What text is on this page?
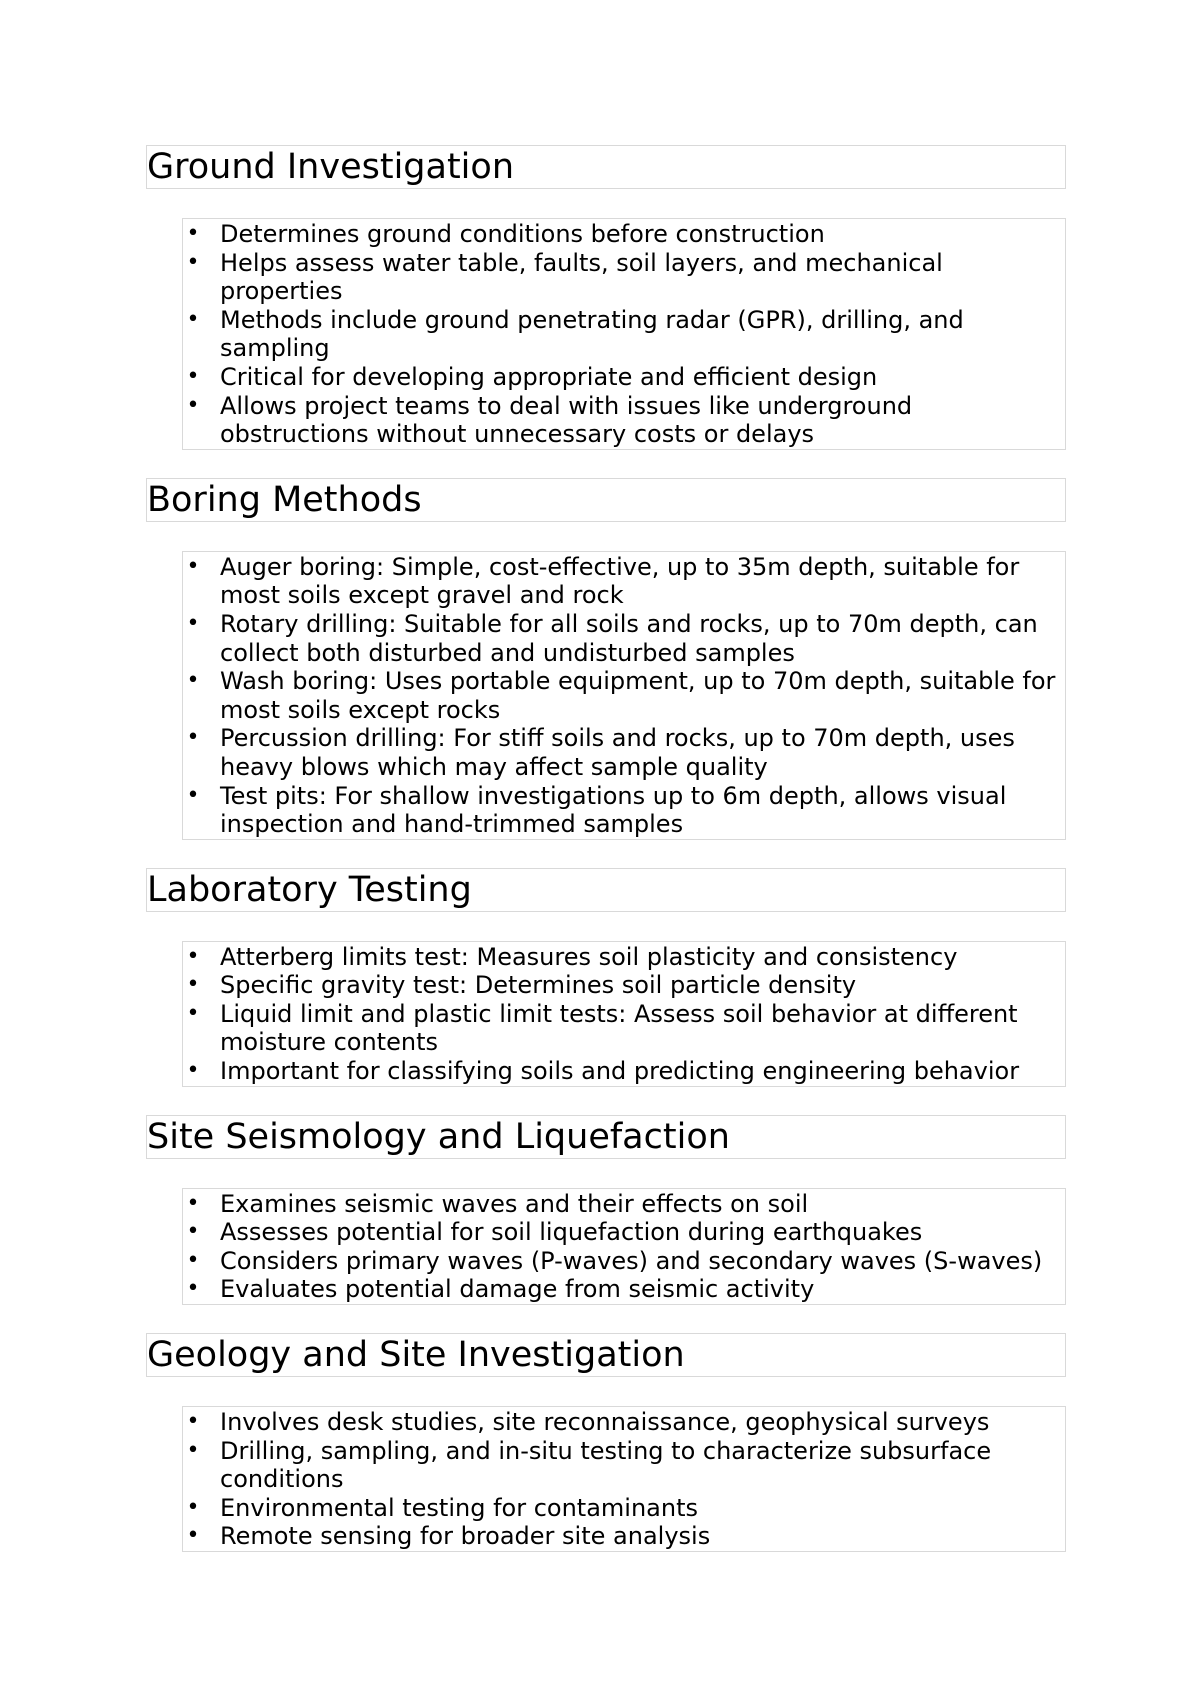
Ground Investigation
• Determines ground conditions before construction
• Helps assess water table, faults, soil layers, and mechanical properties
• Methods include ground penetrating radar (GPR), drilling, and sampling
• Critical for developing appropriate and efficient design
• Allows project teams to deal with issues like underground obstructions without unnecessary costs or delays
Boring Methods
• Auger boring: Simple, cost-effective, up to 35m depth, suitable for most soils except gravel and rock
• Rotary drilling: Suitable for all soils and rocks, up to 70m depth, can collect both disturbed and undisturbed samples
• Wash boring: Uses portable equipment, up to 70m depth, suitable for most soils except rocks
• Percussion drilling: For stiff soils and rocks, up to 70m depth, uses heavy blows which may affect sample quality
• Test pits: For shallow investigations up to 6m depth, allows visual inspection and hand-trimmed samples
Laboratory Testing
• Atterberg limits test: Measures soil plasticity and consistency
• Specific gravity test: Determines soil particle density
• Liquid limit and plastic limit tests: Assess soil behavior at different moisture contents
• Important for classifying soils and predicting engineering behavior
Site Seismology and Liquefaction
• Examines seismic waves and their effects on soil
• Assesses potential for soil liquefaction during earthquakes
• Considers primary waves (P-waves) and secondary waves (S-waves)
• Evaluates potential damage from seismic activity
Geology and Site Investigation
• Involves desk studies, site reconnaissance, geophysical surveys
• Drilling, sampling, and in-situ testing to characterize subsurface conditions
• Environmental testing for contaminants
• Remote sensing for broader site analysis
